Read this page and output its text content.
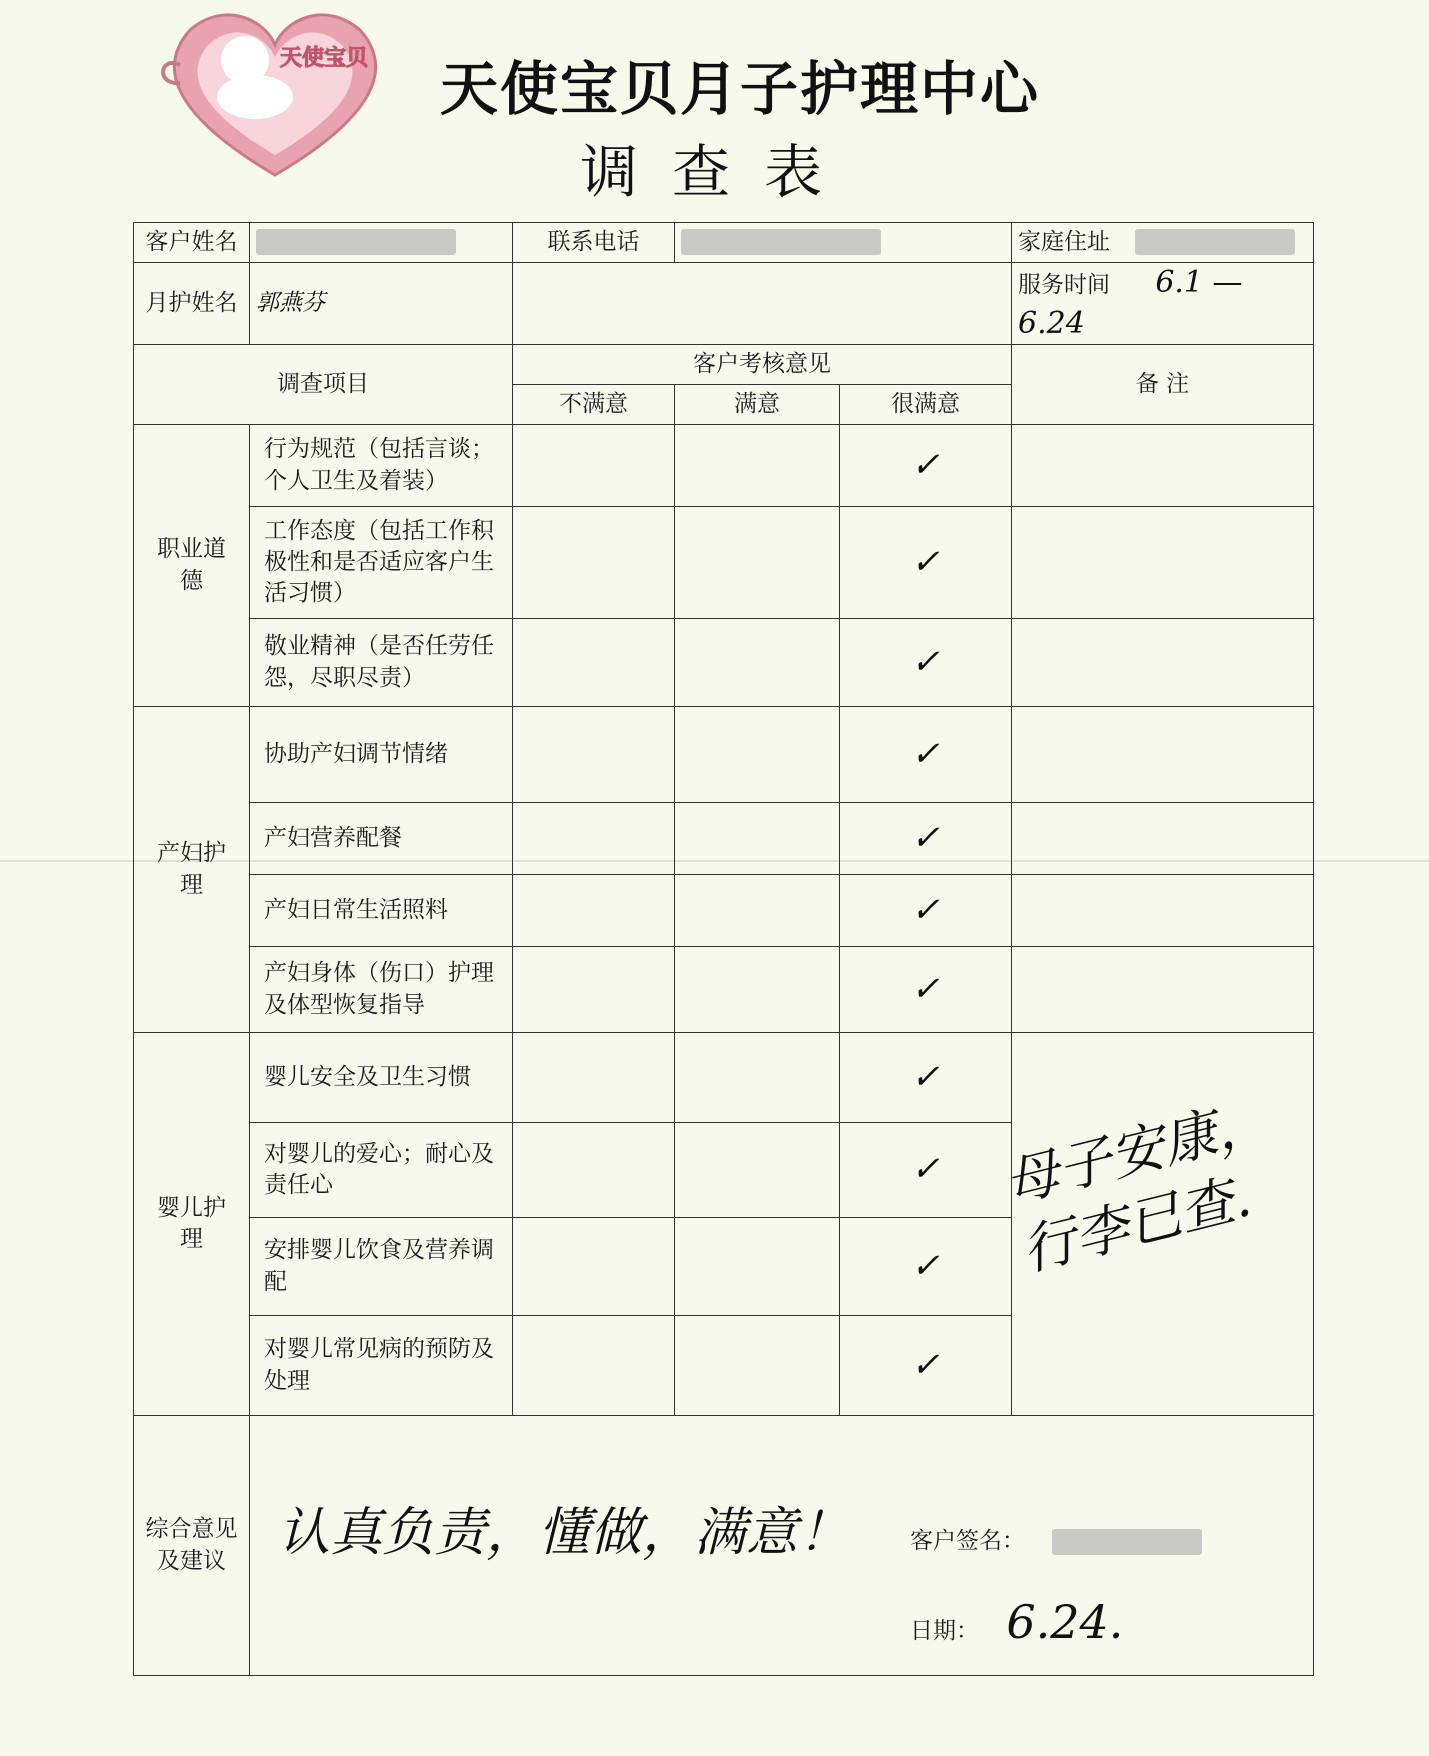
天使宝贝 天使宝贝月子护理中心
调查表
客户姓名		联系电话			家庭住址
月护姓名	郭燕芬				服务时间 6.1 — 6.24
调查项目		客户考核意见			备 注
		不满意	满意	很满意	
职业道德	行为规范（包括言谈；个人卫生及着装）			✓	
	工作态度（包括工作积极性和是否适应客户生活习惯）			✓	
	敬业精神（是否任劳任怨，尽职尽责）			✓	
产妇护理	协助产妇调节情绪			✓	
	产妇营养配餐			✓	
	产妇日常生活照料			✓	
	产妇身体（伤口）护理及体型恢复指导			✓	
婴儿护理	婴儿安全及卫生习惯			✓	
	对婴儿的爱心；耐心及责任心			✓	
	安排婴儿饮食及营养调配			✓	
	对婴儿常见病的预防及处理			✓	
综合意见及建议	认真负责，懂做，满意！ 客户签名：
日期： 6.24.				
母子安康，行李已查.
